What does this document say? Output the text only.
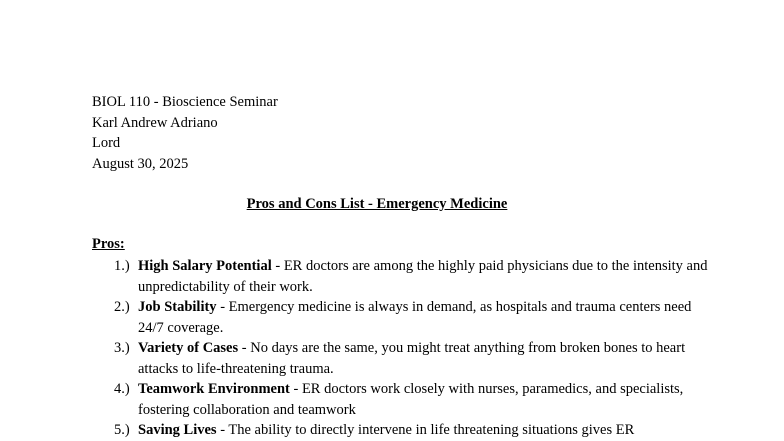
BIOL 110 - Bioscience Seminar
Karl Andrew Adriano
Lord
August 30, 2025
Pros and Cons List - Emergency Medicine
Pros:
1.) High Salary Potential - ER doctors are among the highly paid physicians due to the intensity and unpredictability of their work.
2.) Job Stability - Emergency medicine is always in demand, as hospitals and trauma centers need 24/7 coverage.
3.) Variety of Cases - No days are the same, you might treat anything from broken bones to heart attacks to life-threatening trauma.
4.) Teamwork Environment - ER doctors work closely with nurses, paramedics, and specialists, fostering collaboration and teamwork
5.) Saving Lives - The ability to directly intervene in life threatening situations gives ER
